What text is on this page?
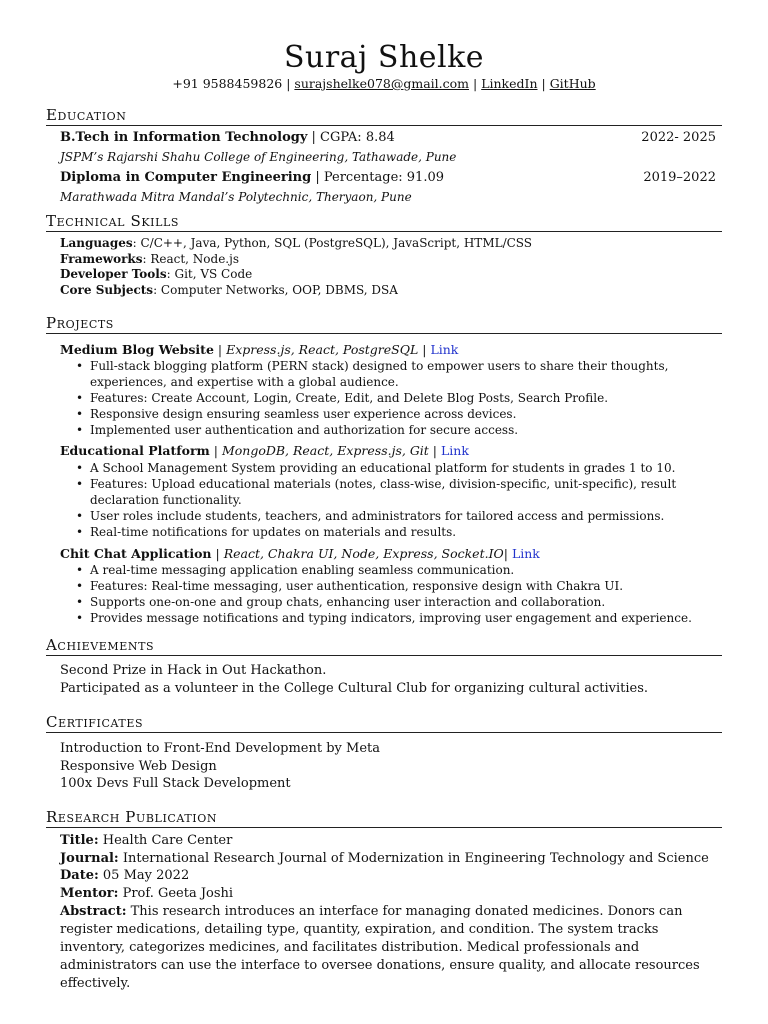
Suraj Shelke
+91 9588459826 | surajshelke078@gmail.com | LinkedIn | GitHub
Education
B.Tech in Information Technology | CGPA: 8.84	2022- 2025
JSPM’s Rajarshi Shahu College of Engineering, Tathawade, Pune
Diploma in Computer Engineering | Percentage: 91.09	2019–2022
Marathwada Mitra Mandal’s Polytechnic, Theryaon, Pune
Technical Skills
Languages: C/C++, Java, Python, SQL (PostgreSQL), JavaScript, HTML/CSS
Frameworks: React, Node.js
Developer Tools: Git, VS Code
Core Subjects: Computer Networks, OOP, DBMS, DSA
Projects
Medium Blog Website | Express.js, React, PostgreSQL | Link
• Full-stack blogging platform (PERN stack) designed to empower users to share their thoughts, experiences, and expertise with a global audience.
• Features: Create Account, Login, Create, Edit, and Delete Blog Posts, Search Profile.
• Responsive design ensuring seamless user experience across devices.
• Implemented user authentication and authorization for secure access.
Educational Platform | MongoDB, React, Express.js, Git | Link
• A School Management System providing an educational platform for students in grades 1 to 10.
• Features: Upload educational materials (notes, class-wise, division-specific, unit-specific), result declaration functionality.
• User roles include students, teachers, and administrators for tailored access and permissions.
• Real-time notifications for updates on materials and results.
Chit Chat Application | React, Chakra UI, Node, Express, Socket.IO| Link
• A real-time messaging application enabling seamless communication.
• Features: Real-time messaging, user authentication, responsive design with Chakra UI.
• Supports one-on-one and group chats, enhancing user interaction and collaboration.
• Provides message notifications and typing indicators, improving user engagement and experience.
Achievements
Second Prize in Hack in Out Hackathon.
Participated as a volunteer in the College Cultural Club for organizing cultural activities.
Certificates
Introduction to Front-End Development by Meta
Responsive Web Design
100x Devs Full Stack Development
Research Publication
Title: Health Care Center
Journal: International Research Journal of Modernization in Engineering Technology and Science
Date: 05 May 2022
Mentor: Prof. Geeta Joshi
Abstract: This research introduces an interface for managing donated medicines. Donors can register medications, detailing type, quantity, expiration, and condition. The system tracks inventory, categorizes medicines, and facilitates distribution. Medical professionals and administrators can use the interface to oversee donations, ensure quality, and allocate resources effectively.
